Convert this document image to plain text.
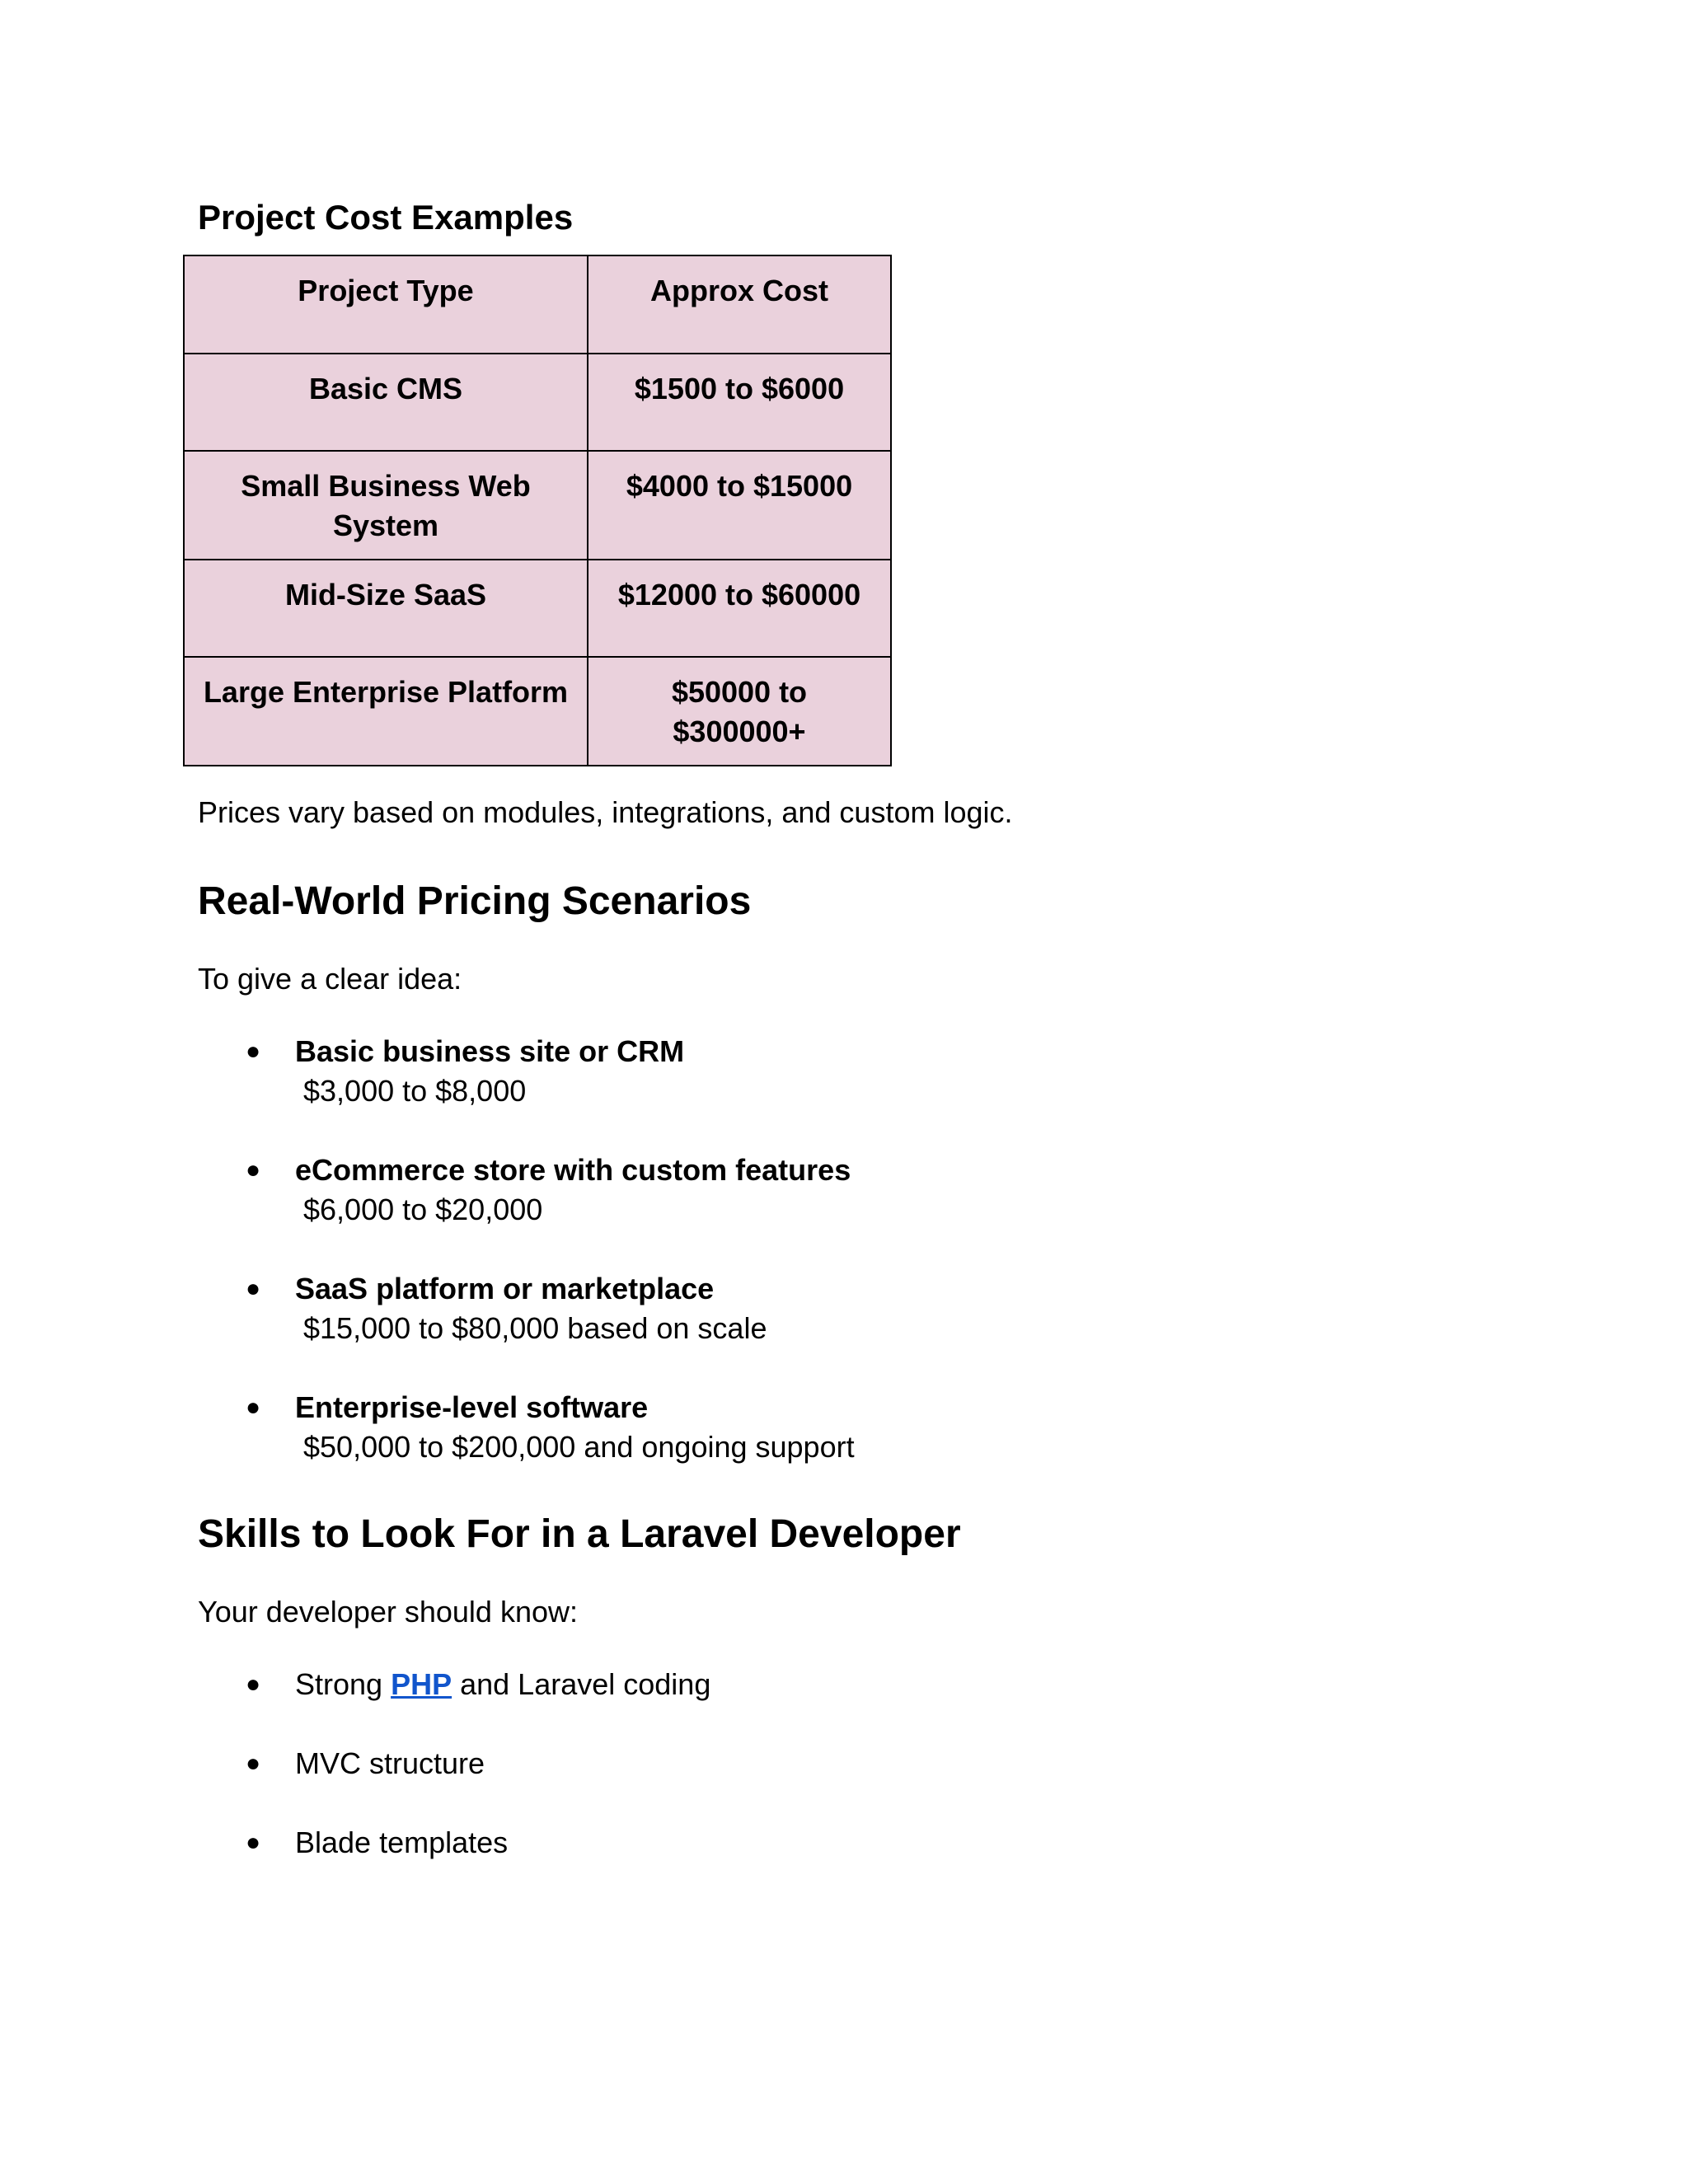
Project Cost Examples
Project Type	Approx Cost
Basic CMS	$1500 to $6000
Small Business Web System	$4000 to $15000
Mid-Size SaaS	$12000 to $60000
Large Enterprise Platform	$50000 to $300000+

Prices vary based on modules, integrations, and custom logic.

Real-World Pricing Scenarios

To give a clear idea:

●	Basic business site or CRM
$3,000 to $8,000
●	eCommerce store with custom features
$6,000 to $20,000
●	SaaS platform or marketplace
$15,000 to $80,000 based on scale
●	Enterprise-level software
$50,000 to $200,000 and ongoing support
Skills to Look For in a Laravel Developer

Your developer should know:

●	Strong PHP and Laravel coding
●	MVC structure
●	Blade templates
